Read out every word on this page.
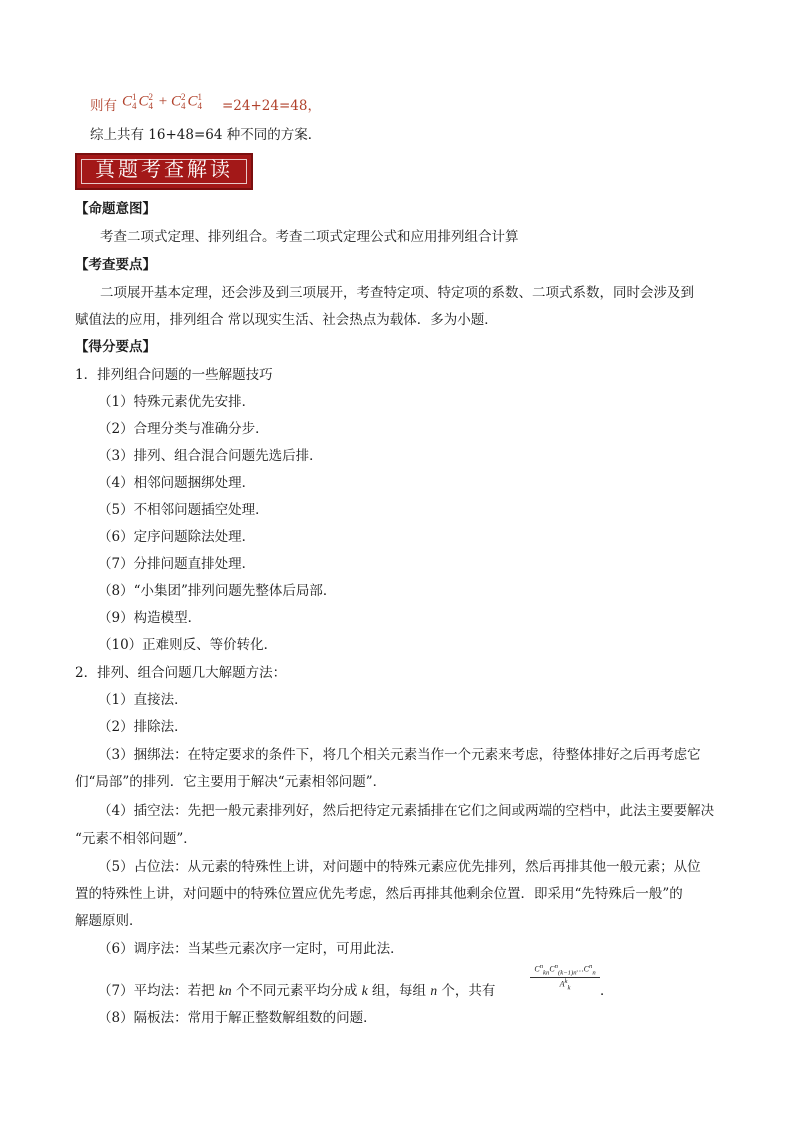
则有 C 1
4 C 2
4 + C 2
4 C 1
4 =24+24=48，
综上共有 16+48=64 种不同的方案．
真题考查解读
【命题意图】
考查二项式定理、排列组合。考查二项式定理公式和应用排列组合计算
【考查要点】
二项展开基本定理，还会涉及到三项展开，考查特定项、特定项的系数、二项式系数，同时会涉及到
赋值法的应用，排列组合 常以现实生活、社会热点为载体．多为小题．
【得分要点】
1．排列组合问题的一些解题技巧
（1）特殊元素优先安排．
（2）合理分类与准确分步．
（3）排列、组合混合问题先选后排．
（4）相邻问题捆绑处理．
（5）不相邻问题插空处理．
（6）定序问题除法处理．
（7）分排问题直排处理．
（8）“小集团”排列问题先整体后局部．
（9）构造模型．
（10）正难则反、等价转化．
2．排列、组合问题几大解题方法：
（1）直接法．
（2）排除法．
（3）捆绑法：在特定要求的条件下，将几个相关元素当作一个元素来考虑，待整体排好之后再考虑它
们“局部”的排列．它主要用于解决“元素相邻问题”．
（4）插空法：先把一般元素排列好，然后把待定元素插排在它们之间或两端的空档中，此法主要要解决
“元素不相邻问题”．
（5）占位法：从元素的特殊性上讲，对问题中的特殊元素应优先排列，然后再排其他一般元素；从位
置的特殊性上讲，对问题中的特殊位置应优先考虑，然后再排其他剩余位置．即采用“先特殊后一般”的
解题原则．
（6）调序法：当某些元素次序一定时，可用此法．
（7）平均法：若把 kn 个不同元素平均分成 k 组，每组 n 个，共有
$C^n_{kn}C^n_{(k-1)n}\dots C^n_n$
$A^k_k$	．
（8）隔板法：常用于解正整数解组数的问题．
